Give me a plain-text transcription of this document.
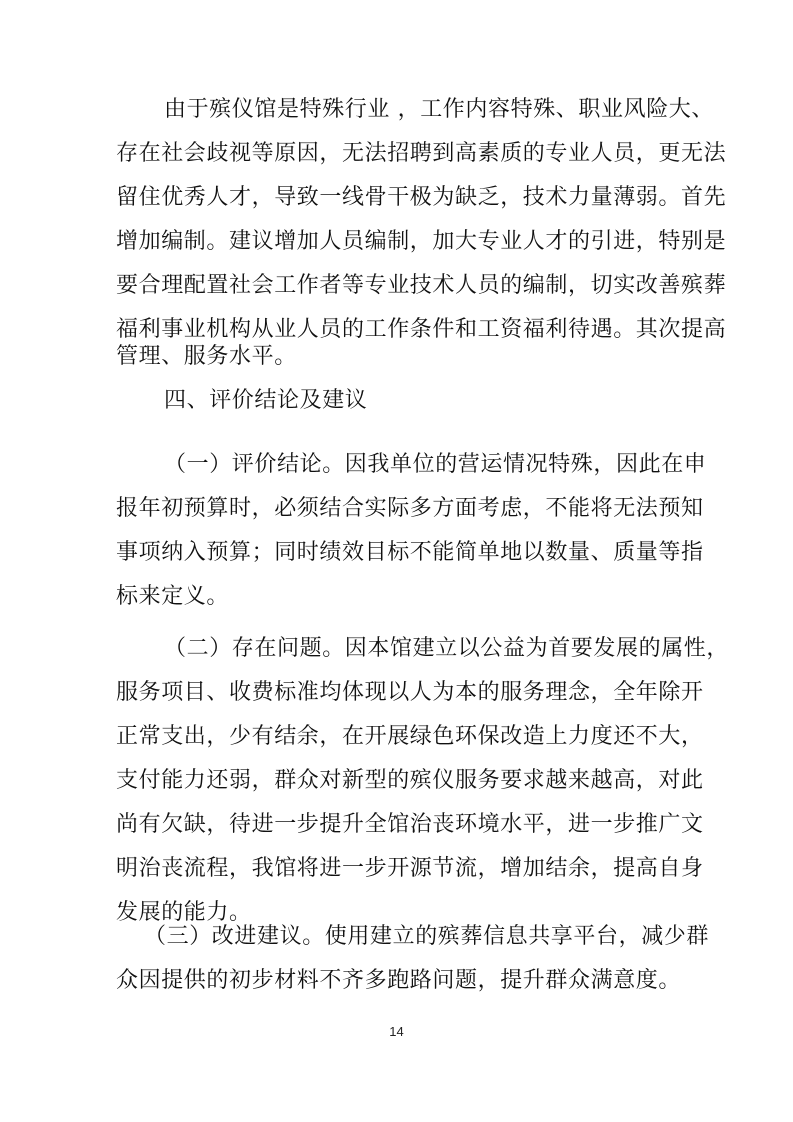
由于殡仪馆是特殊行业 ，工作内容特殊、职业风险大、

存在社会歧视等原因，无法招聘到高素质的专业人员，更无法

留住优秀人才，导致一线骨干极为缺乏，技术力量薄弱。首先

增加编制。建议增加人员编制，加大专业人才的引进，特别是

要合理配置社会工作者等专业技术人员的编制，切实改善殡葬

福利事业机构从业人员的工作条件和工资福利待遇。其次提高

管理、服务水平。

四、评价结论及建议

（一）评价结论。因我单位的营运情况特殊，因此在申

报年初预算时，必须结合实际多方面考虑，不能将无法预知

事项纳入预算；同时绩效目标不能简单地以数量、质量等指

标来定义。

（二）存在问题。因本馆建立以公益为首要发展的属性，

服务项目、收费标准均体现以人为本的服务理念，全年除开

正常支出，少有结余，在开展绿色环保改造上力度还不大，

支付能力还弱，群众对新型的殡仪服务要求越来越高，对此

尚有欠缺，待进一步提升全馆治丧环境水平，进一步推广文

明治丧流程，我馆将进一步开源节流，增加结余，提高自身

发展的能力。

（三）改进建议。使用建立的殡葬信息共享平台，减少群

众因提供的初步材料不齐多跑路问题，提升群众满意度。

14
